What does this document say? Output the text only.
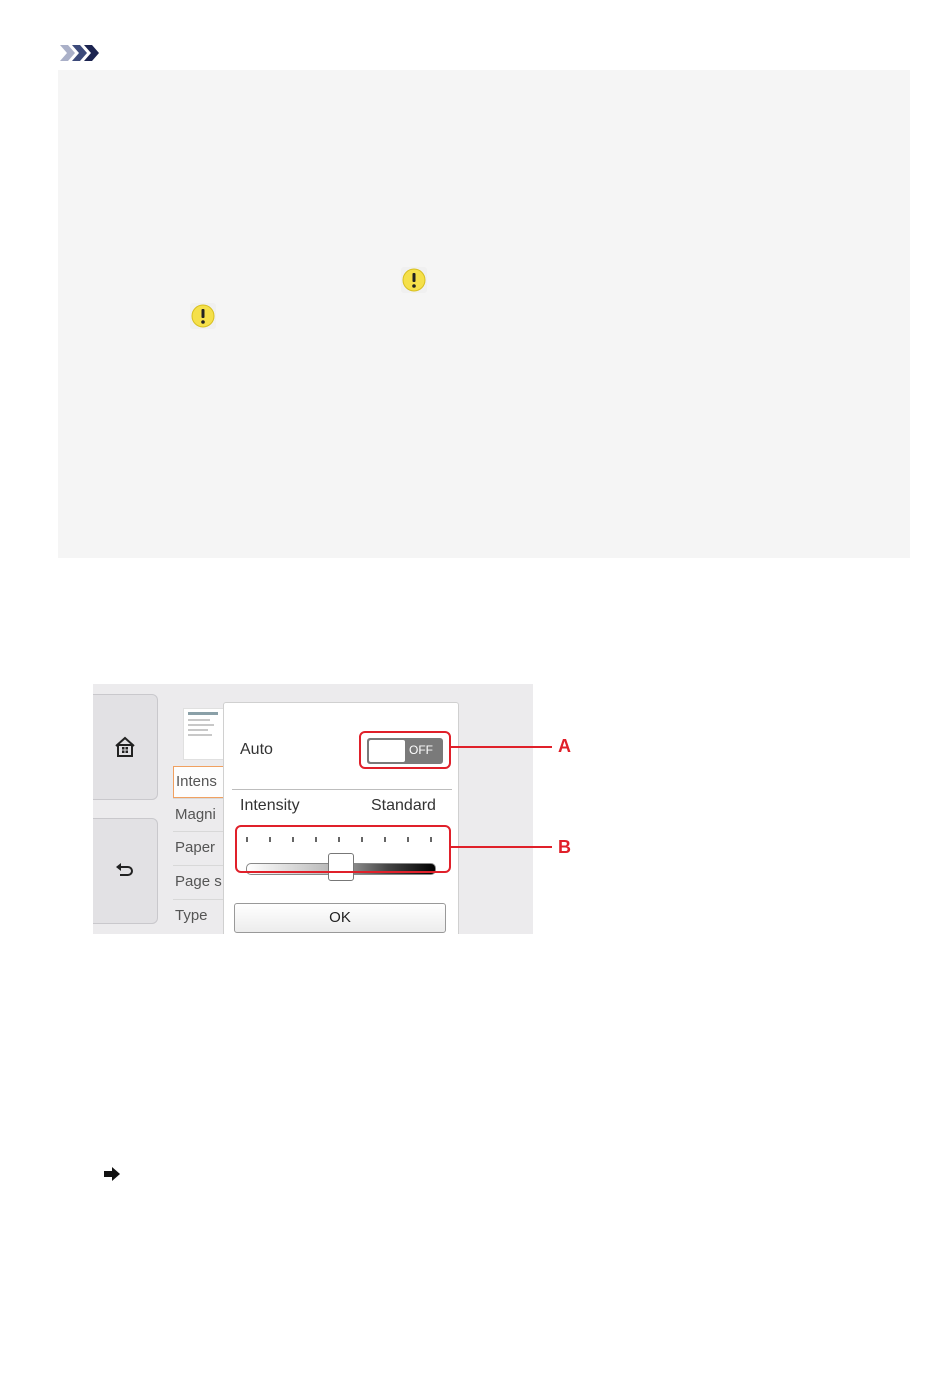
Intens
Magni
Paper
Page s
Type
Auto	OFF
Intensity	Standard
OK
A
B
